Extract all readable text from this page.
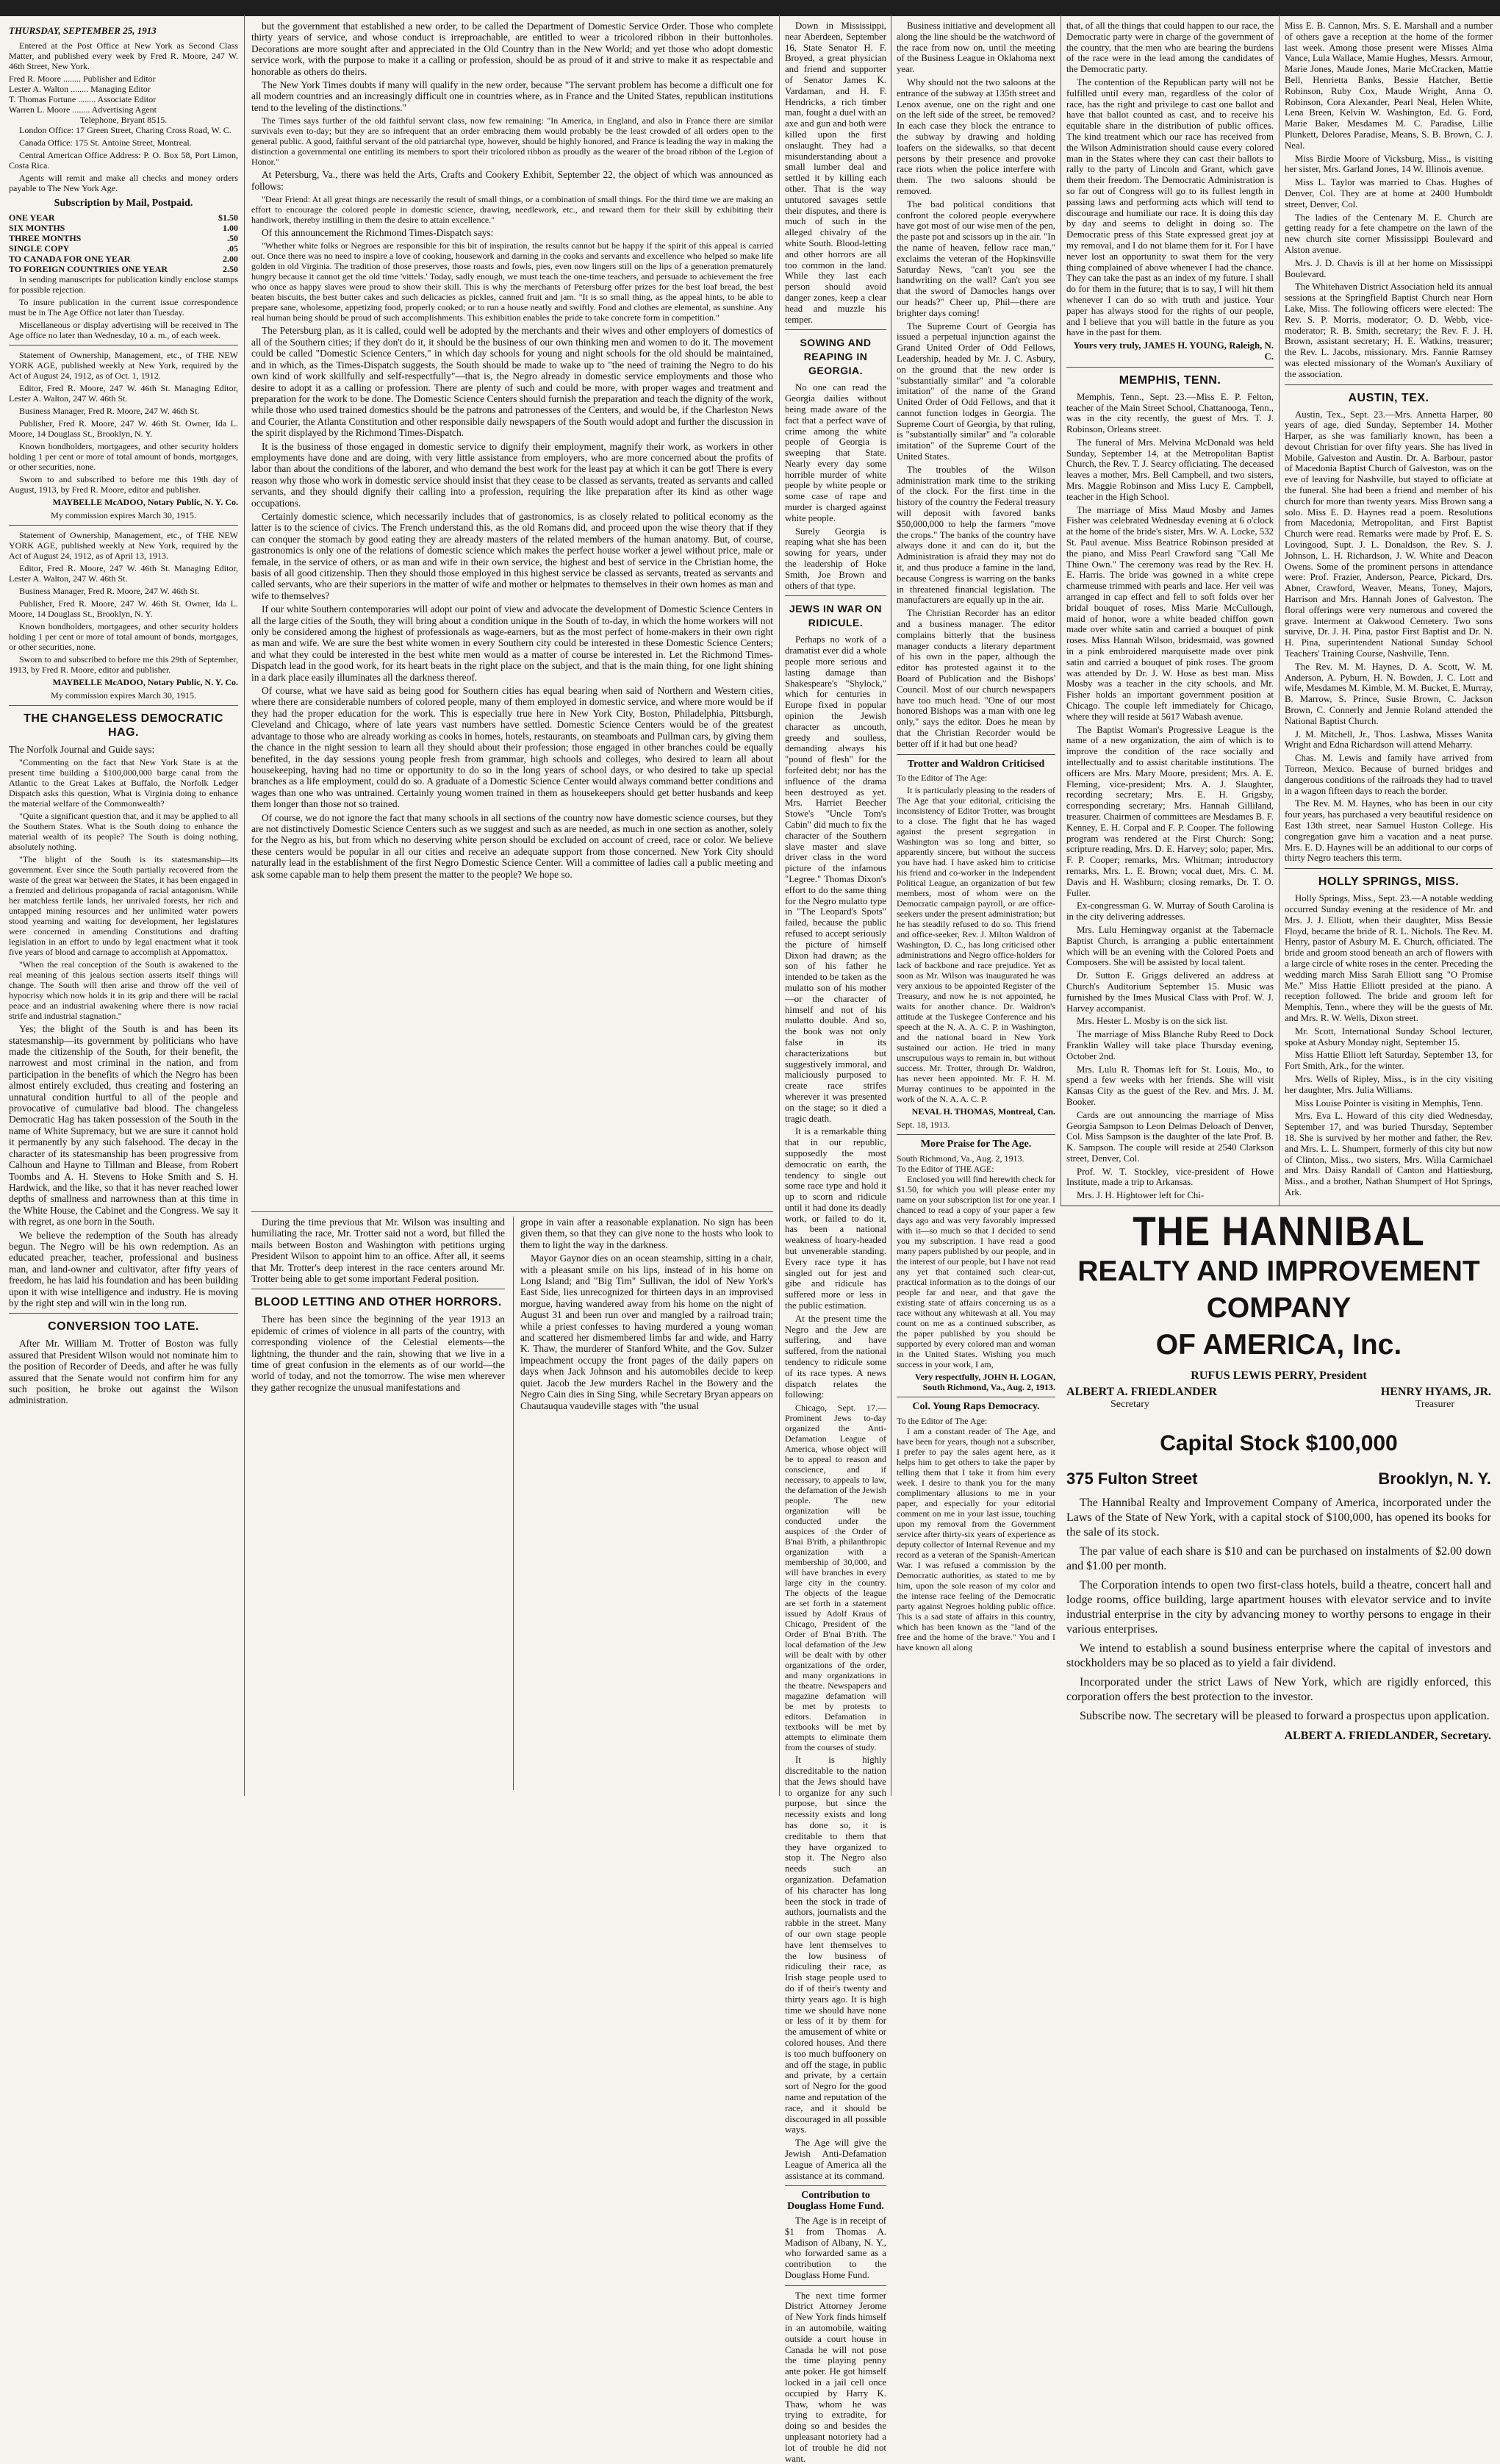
THURSDAY, SEPTEMBER 25, 1913

Entered at the Post Office at New York as Second Class Matter, and published every week by Fred R. Moore, 247 W. 46th Street, New York.

Fred R. Moore ........ Publisher and Editor
Lester A. Walton ........ Managing Editor
T. Thomas Fortune ........ Associate Editor
Warren L. Moore ........ Advertising Agent
Telephone, Bryant 8515.

London Office: 17 Green Street, Charing Cross Road, W. C.

Canada Office: 175 St. Antoine Street, Montreal.

Central American Office Address: P. O. Box 58, Port Limon, Costa Rica.

Agents will remit and make all checks and money orders payable to The New York Age.

Subscription by Mail, Postpaid.
ONE YEAR	$1.50
SIX MONTHS	1.00
THREE MONTHS	.50
SINGLE COPY	.05
TO CANADA FOR ONE YEAR	2.00
TO FOREIGN COUNTRIES ONE YEAR	2.50

In sending manuscripts for publication kindly enclose stamps for possible rejection.

To insure publication in the current issue correspondence must be in The Age Office not later than Tuesday.

Miscellaneous or display advertising will be received in The Age office no later than Wednesday, 10 a. m., of each week.

Statement of Ownership, Management, etc., of THE NEW YORK AGE, published weekly at New York, required by the Act of August 24, 1912, as of Oct. 1, 1912.

Editor, Fred R. Moore, 247 W. 46th St. Managing Editor, Lester A. Walton, 247 W. 46th St.

Business Manager, Fred R. Moore, 247 W. 46th St.

Publisher, Fred R. Moore, 247 W. 46th St. Owner, Ida L. Moore, 14 Douglass St., Brooklyn, N. Y.

Known bondholders, mortgagees, and other security holders holding 1 per cent or more of total amount of bonds, mortgages, or other securities, none.

Sworn to and subscribed to before me this 19th day of August, 1913, by Fred R. Moore, editor and publisher.

MAYBELLE McADOO, Notary Public, N. Y. Co.
My commission expires March 30, 1915.

Statement of Ownership, Management, etc., of THE NEW YORK AGE, published weekly at New York, required by the Act of August 24, 1912, as of April 13, 1913.

Editor, Fred R. Moore, 247 W. 46th St. Managing Editor, Lester A. Walton, 247 W. 46th St.

Business Manager, Fred R. Moore, 247 W. 46th St.

Publisher, Fred R. Moore, 247 W. 46th St. Owner, Ida L. Moore, 14 Douglass St., Brooklyn, N. Y.

Known bondholders, mortgagees, and other security holders holding 1 per cent or more of total amount of bonds, mortgages, or other securities, none.

Sworn to and subscribed to before me this 29th of September, 1913, by Fred R. Moore, editor and publisher.

MAYBELLE McADOO, Notary Public, N. Y. Co.
My commission expires March 30, 1915.
THE CHANGELESS DEMOCRATIC HAG.

The Norfolk Journal and Guide says:

"Commenting on the fact that New York State is at the present time building a $100,000,000 barge canal from the Atlantic to the Great Lakes at Buffalo, the Norfolk Ledger Dispatch asks this question, What is Virginia doing to enhance the material welfare of the Commonwealth?

"Quite a significant question that, and it may be applied to all the Southern States. What is the South doing to enhance the material wealth of its people? The South is doing nothing, absolutely nothing.

"The blight of the South is its statesmanship—its government. Ever since the South partially recovered from the waste of the great war between the States, it has been engaged in a frenzied and delirious propaganda of racial antagonism. While her matchless fertile lands, her unrivaled forests, her rich and untapped mining resources and her unlimited water powers stood yearning and waiting for development, her legislatures were concerned in amending Constitutions and drafting legislation in an effort to undo by legal enactment what it took five years of blood and carnage to accomplish at Appomattox.

"When the real conception of the South is awakened to the real meaning of this jealous section asserts itself things will change. The South will then arise and throw off the veil of hypocrisy which now holds it in its grip and there will be racial peace and an industrial awakening where there is now racial strife and industrial stagnation."

Yes; the blight of the South is and has been its statesmanship—its government by politicians who have made the citizenship of the South, for their benefit, the narrowest and most criminal in the nation, and from participation in the benefits of which the Negro has been almost entirely excluded, thus creating and fostering an unnatural condition hurtful to all of the people and provocative of cumulative bad blood. The changeless Democratic Hag has taken possession of the South in the name of White Supremacy, but we are sure it cannot hold it permanently by any such falsehood. The decay in the character of its statesmanship has been progressive from Calhoun and Hayne to Tillman and Blease, from Robert Toombs and A. H. Stevens to Hoke Smith and S. H. Hardwick, and the like, so that it has never reached lower depths of smallness and narrowness than at this time in the White House, the Cabinet and the Congress. We say it with regret, as one born in the South.

We believe the redemption of the South has already begun. The Negro will be his own redemption. As an educated preacher, teacher, professional and business man, and land-owner and cultivator, after fifty years of freedom, he has laid his foundation and has been building upon it with wise intelligence and industry. He is moving by the right step and will win in the long run.

CONVERSION TOO LATE.

After Mr. William M. Trotter of Boston was fully assured that President Wilson would not nominate him to the position of Recorder of Deeds, and after he was fully assured that the Senate would not confirm him for any such position, he broke out against the Wilson administration.

but the government that established a new order, to be called the Department of Domestic Service Order. Those who complete thirty years of service, and whose conduct is irreproachable, are entitled to wear a tricolored ribbon in their buttonholes. Decorations are more sought after and appreciated in the Old Country than in the New World; and yet those who adopt domestic service work, with the purpose to make it a calling or profession, should be as proud of it and strive to make it as respectable and honorable as others do theirs.

The New York Times doubts if many will qualify in the new order, because "The servant problem has become a difficult one for all modern countries and an increasingly difficult one in countries where, as in France and the United States, republican institutions tend to the leveling of the distinctions."

The Times says further of the old faithful servant class, now few remaining: "In America, in England, and also in France there are similar survivals even to-day; but they are so infrequent that an order embracing them would probably be the least crowded of all orders open to the general public. A good, faithful servant of the old patriarchal type, however, should be highly honored, and France is leading the way in making the distinction a governmental one entitling its members to sport their tricolored ribbon as proudly as the wearer of the broad ribbon of the Legion of Honor."

At Petersburg, Va., there was held the Arts, Crafts and Cookery Exhibit, September 22, the object of which was announced as follows:

"Dear Friend: At all great things are necessarily the result of small things, or a combination of small things. For the third time we are making an effort to encourage the colored people in domestic science, drawing, needlework, etc., and reward them for their skill by exhibiting their handiwork, thereby instilling in them the desire to attain excellence."

Of this announcement the Richmond Times-Dispatch says:

"Whether white folks or Negroes are responsible for this bit of inspiration, the results cannot but be happy if the spirit of this appeal is carried out. Once there was no need to inspire a love of cooking, housework and darning in the cooks and servants and excellence who helped so make life golden in old Virginia. The tradition of those preserves, those roasts and fowls, pies, even now lingers still on the lips of a generation prematurely hungry because it cannot get the old time 'vittels.' Today, sadly enough, we must teach the one-time teachers, and persuade to achievement the free who once as happy slaves were proud to show their skill. This is why the merchants of Petersburg offer prizes for the best loaf bread, the best beaten biscuits, the best butter cakes and such delicacies as pickles, canned fruit and jam. "It is so small thing, as the appeal hints, to be able to prepare sane, wholesome, appetizing food, properly cooked; or to run a house neatly and swiftly. Food and clothes are elemental, as sunshine. Any real human being should be proud of such accomplishments. This exhibition enables the pride to take concrete form in competition."

The Petersburg plan, as it is called, could well be adopted by the merchants and their wives and other employers of domestics of all of the Southern cities; if they don't do it, it should be the business of our own thinking men and women to do it. The movement could be called "Domestic Science Centers," in which day schools for young and night schools for the old should be maintained, and in which, as the Times-Dispatch suggests, the South should be made to wake up to "the need of training the Negro to do his own kind of work skillfully and self-respectfully"—that is, the Negro already in domestic service employments and those who desire to adopt it as a calling or profession. There are plenty of such and could be more, with proper wages and treatment and preparation for the work to be done. The Domestic Science Centers should furnish the preparation and teach the dignity of the work, while those who used trained domestics should be the patrons and patronesses of the Centers, and would be, if the Charleston News and Courier, the Atlanta Constitution and other responsible daily newspapers of the South would adopt and further the discussion in the spirit displayed by the Richmond Times-Dispatch.

It is the business of those engaged in domestic service to dignify their employment, magnify their work, as workers in other employments have done and are doing, with very little assistance from employers, who are more concerned about the profits of labor than about the conditions of the laborer, and who demand the best work for the least pay at which it can be got! There is every reason why those who work in domestic service should insist that they cease to be classed as servants, treated as servants and called servants, and they should dignify their calling into a profession, requiring the like preparation after its kind as other wage occupations.

Certainly domestic science, which necessarily includes that of gastronomics, is as closely related to political economy as the latter is to the science of civics. The French understand this, as the old Romans did, and proceed upon the wise theory that if they can conquer the stomach by good eating they are already masters of the related members of the human anatomy. But, of course, gastronomics is only one of the relations of domestic science which makes the perfect house worker a jewel without price, male or female, in the service of others, or as man and wife in their own service, the highest and best of service in the Christian home, the basis of all good citizenship. Then they should those employed in this highest service be classed as servants, treated as servants and called servants, who are their superiors in the matter of wife and mother or helpmates to themselves in their own homes as man and wife to themselves?

If our white Southern contemporaries will adopt our point of view and advocate the development of Domestic Science Centers in all the large cities of the South, they will bring about a condition unique in the South of to-day, in which the home workers will not only be considered among the highest of professionals as wage-earners, but as the most perfect of home-makers in their own right as man and wife. We are sure the best white women in every Southern city could be interested in these Domestic Science Centers; and what they could be interested in the best white men would as a matter of course be interested in. Let the Richmond Times-Dispatch lead in the good work, for its heart beats in the right place on the subject, and that is the main thing, for one light shining in a dark place easily illuminates all the darkness thereof.

Of course, what we have said as being good for Southern cities has equal bearing when said of Northern and Western cities, where there are considerable numbers of colored people, many of them employed in domestic service, and where more would be if they had the proper education for the work. This is especially true here in New York City, Boston, Philadelphia, Pittsburgh, Cleveland and Chicago, where of late years vast numbers have settled. Domestic Science Centers would be of the greatest advantage to those who are already working as cooks in homes, hotels, restaurants, on steamboats and Pullman cars, by giving them the chance in the night session to learn all they should about their profession; those engaged in other branches could be equally benefited, in the day sessions young people fresh from grammar, high schools and colleges, who desired to learn all about housekeeping, having had no time or opportunity to do so in the long years of school days, or who desired to take up special branches as a life employment, could do so. A graduate of a Domestic Science Center would always command better conditions and wages than one who was untrained. Certainly young women trained in them as housekeepers should get better husbands and keep them longer than those not so trained.

Of course, we do not ignore the fact that many schools in all sections of the country now have domestic science courses, but they are not distinctively Domestic Science Centers such as we suggest and such as are needed, as much in one section as another, solely for the Negro as his, but from which no deserving white person should be excluded on account of creed, race or color. We believe these centers would be popular in all our cities and receive an adequate support from those concerned. New York City should naturally lead in the establishment of the first Negro Domestic Science Center. Will a committee of ladies call a public meeting and ask some capable man to help them present the matter to the people? We hope so.

During the time previous that Mr. Wilson was insulting and humiliating the race, Mr. Trotter said not a word, but filled the mails between Boston and Washington with petitions urging President Wilson to appoint him to an office. After all, it seems that Mr. Trotter's deep interest in the race centers around Mr. Trotter being able to get some important Federal position.

BLOOD LETTING AND OTHER HORRORS.

There has been since the beginning of the year 1913 an epidemic of crimes of violence in all parts of the country, with corresponding violence of the Celestial elements—the lightning, the thunder and the rain, showing that we live in a time of great confusion in the elements as of our world—the world of today, and not the tomorrow. The wise men wherever they gather recognize the unusual manifestations and

grope in vain after a reasonable explanation. No sign has been given them, so that they can give none to the hosts who look to them to light the way in the darkness.

Mayor Gaynor dies on an ocean steamship, sitting in a chair, with a pleasant smile on his lips, instead of in his home on Long Island; and "Big Tim" Sullivan, the idol of New York's East Side, lies unrecognized for thirteen days in an improvised morgue, having wandered away from his home on the night of August 31 and been run over and mangled by a railroad train; while a priest confesses to having murdered a young woman and scattered her dismembered limbs far and wide, and Harry K. Thaw, the murderer of Stanford White, and the Gov. Sulzer impeachment occupy the front pages of the daily papers on days when Jack Johnson and his automobiles decide to keep quiet. Jacob the Jew murders Rachel in the Bowery and the Negro Cain dies in Sing Sing, while Secretary Bryan appears on Chautauqua vaudeville stages with "the usual

Down in Mississippi, near Aberdeen, September 16, State Senator H. F. Broyed, a great physician and friend and supporter of Senator James K. Vardaman, and H. F. Hendricks, a rich timber man, fought a duel with an axe and gun and both were killed upon the first onslaught. They had a misunderstanding about a small lumber deal and settled it by killing each other. That is the way untutored savages settle their disputes, and there is much of such in the alleged chivalry of the white South. Blood-letting and other horrors are all too common in the land. While they last each person should avoid danger zones, keep a clear head and muzzle his temper.

SOWING AND REAPING IN GEORGIA.

No one can read the Georgia dailies without being made aware of the fact that a perfect wave of crime among the white people of Georgia is sweeping that State. Nearly every day some horrible murder of white people by white people or some case of rape and murder is charged against white people.

Surely Georgia is reaping what she has been sowing for years, under the leadership of Hoke Smith, Joe Brown and others of that type.

JEWS IN WAR ON RIDICULE.

Perhaps no work of a dramatist ever did a whole people more serious and lasting damage than Shakespeare's "Shylock," which for centuries in Europe fixed in popular opinion the Jewish character as uncouth, greedy and soulless, demanding always his "pound of flesh" for the forfeited debt; nor has the influence of the drama been destroyed as yet. Mrs. Harriet Beecher Stowe's "Uncle Tom's Cabin" did much to fix the character of the Southern slave master and slave driver class in the word picture of the infamous "Legree." Thomas Dixon's effort to do the same thing for the Negro mulatto type in "The Leopard's Spots" failed, because the public refused to accept seriously the picture of himself Dixon had drawn; as the son of his father he intended to be taken as the mulatto son of his mother—or the character of himself and not of his mulatto double. And so, the book was not only false in its characterizations but suggestively immoral, and maliciously purposed to create race strifes wherever it was presented on the stage; so it died a tragic death.

It is a remarkable thing that in our republic, supposedly the most democratic on earth, the tendency to single out some race type and hold it up to scorn and ridicule until it had done its deadly work, or failed to do it, has been a national weakness of hoary-headed but unvenerable standing. Every race type it has singled out for jest and gibe and ridicule has suffered more or less in the public estimation.

At the present time the Negro and the Jew are suffering, and have suffered, from the national tendency to ridicule some of its race types. A news dispatch relates the following:

Chicago, Sept. 17.—Prominent Jews to-day organized the Anti-Defamation League of America, whose object will be to appeal to reason and conscience, and if necessary, to appeals to law, the defamation of the Jewish people. The new organization will be conducted under the auspices of the Order of B'nai B'rith, a philanthropic organization with a membership of 30,000, and will have branches in every large city in the country. The objects of the league are set forth in a statement issued by Adolf Kraus of Chicago, President of the Order of B'nai B'rith. The local defamation of the Jew will be dealt with by other organizations of the order, and many organizations in the theatre. Newspapers and magazine defamation will be met by protests to editors. Defamation in textbooks will be met by attempts to eliminate them from the courses of study.

It is highly discreditable to the nation that the Jews should have to organize for any such purpose, but since the necessity exists and long has done so, it is creditable to them that they have organized to stop it. The Negro also needs such an organization. Defamation of his character has long been the stock in trade of authors, journalists and the rabble in the street. Many of our own stage people have lent themselves to the low business of ridiculing their race, as Irish stage people used to do if of their's twenty and thirty years ago. It is high time we should have none or less of it by them for the amusement of white or colored houses. And there is too much buffoonery on and off the stage, in public and private, by a certain sort of Negro for the good name and reputation of the race, and it should be discouraged in all possible ways.

The Age will give the Jewish Anti-Defamation League of America all the assistance at its command.

Contribution to Douglass Home Fund.

The Age is in receipt of $1 from Thomas A. Madison of Albany, N. Y., who forwarded same as a contribution to the Douglass Home Fund.

The next time former District Attorney Jerome of New York finds himself in an automobile, waiting outside a court house in Canada he will not pose the time playing penny ante poker. He got himself locked in a jail cell once occupied by Harry K. Thaw, whom he was trying to extradite, for doing so and besides the unpleasant notoriety had a lot of trouble he did not want.

Business initiative and development all along the line should be the watchword of the race from now on, until the meeting of the Business League in Oklahoma next year.

Why should not the two saloons at the entrance of the subway at 135th street and Lenox avenue, one on the right and one on the left side of the street, be removed? In each case they block the entrance to the subway by drawing and holding loafers on the sidewalks, so that decent persons by their presence and provoke race riots when the police interfere with them. The two saloons should be removed.

The bad political conditions that confront the colored people everywhere have got most of our wise men of the pen, the paste pot and scissors up in the air. "In the name of heaven, fellow race man," exclaims the veteran of the Hopkinsville Saturday News, "can't you see the handwriting on the wall? Can't you see that the sword of Damocles hangs over our heads?" Cheer up, Phil—there are brighter days coming!

The Supreme Court of Georgia has issued a perpetual injunction against the Grand United Order of Odd Fellows, Leadership, headed by Mr. J. C. Asbury, on the ground that the new order is "substantially similar" and "a colorable imitation" of the name of the Grand United Order of Odd Fellows, and that it cannot function lodges in Georgia. The Supreme Court of Georgia, by that ruling, is "substantially similar" and "a colorable imitation" of the Supreme Court of the United States.

The troubles of the Wilson administration mark time to the striking of the clock. For the first time in the history of the country the Federal treasury will deposit with favored banks $50,000,000 to help the farmers "move the crops." The banks of the country have always done it and can do it, but the Administration is afraid they may not do it, and thus produce a famine in the land, because Congress is warring on the banks in threatened financial legislation. The manufacturers are equally up in the air.

The Christian Recorder has an editor and a business manager. The editor complains bitterly that the business manager conducts a literary department of his own in the paper, although the editor has protested against it to the Board of Publication and the Bishops' Council. Most of our church newspapers have too much head. "One of our most honored Bishops was a man with one leg only," says the editor. Does he mean by that the Christian Recorder would be better off if it had but one head?

Trotter and Waldron Criticised

To the Editor of The Age:

It is particularly pleasing to the readers of The Age that your editorial, criticising the inconsistency of Editor Trotter, was brought to a close. The fight that he has waged against the present segregation in Washington was so long and bitter, so apparently sincere, but without the success you have had. I have asked him to criticise his friend and co-worker in the Independent Political League, an organization of but few members, most of whom were on the Democratic campaign payroll, or are office-seekers under the present administration; but he has steadily refused to do so. This friend and office-seeker, Rev. J. Milton Waldron of Washington, D. C., has long criticised other administrations and Negro office-holders for lack of backbone and race prejudice. Yet as soon as Mr. Wilson was inaugurated he was very anxious to be appointed Register of the Treasury, and now he is not appointed, he waits for another chance. Dr. Waldron's attitude at the Tuskegee Conference and his speech at the N. A. A. C. P. in Washington, and the national board in New York sustained our action. He tried in many unscrupulous ways to remain in, but without success. Mr. Trotter, through Dr. Waldron, has never been appointed. Mr. F. H. M. Murray continues to be appointed in the work of the N. A. A. C. P.

NEVAL H. THOMAS, Montreal, Can.
Sept. 18, 1913.
More Praise for The Age.
South Richmond, Va., Aug. 2, 1913.
To the Editor of THE AGE:

Enclosed you will find herewith check for $1.50, for which you will please enter my name on your subscription list for one year. I chanced to read a copy of your paper a few days ago and was very favorably impressed with it—so much so that I decided to send you my subscription. I have read a good many papers published by our people, and in the interest of our people, but I have not read any yet that contained such clear-cut, practical information as to the doings of our people far and near, and that gave the existing state of affairs concerning us as a race without any whitewash at all. You may count on me as a continued subscriber, as the paper published by you should be supported by every colored man and woman in the United States. Wishing you much success in your work, I am,

Very respectfully, JOHN H. LOGAN, South Richmond, Va., Aug. 2, 1913.
Col. Young Raps Democracy.
To the Editor of The Age:

I am a constant reader of The Age, and have been for years, though not a subscriber, I prefer to pay the sales agent here, as it helps him to get others to take the paper by telling them that I take it from him every week. I desire to thank you for the many complimentary allusions to me in your paper, and especially for your editorial comment on me in your last issue, touching upon my removal from the Government service after thirty-six years of experience as deputy collector of Internal Revenue and my record as a veteran of the Spanish-American War. I was refused a commission by the Democratic authorities, as stated to me by him, upon the sole reason of my color and the intense race feeling of the Democratic party against Negroes holding public office. This is a sad state of affairs in this country, which has been known as the "land of the free and the home of the brave." You and I have known all along

that, of all the things that could happen to our race, the Democratic party were in charge of the government of the country, that the men who are bearing the burdens of the race were in the lead among the candidates of the Democratic party.

The contention of the Republican party will not be fulfilled until every man, regardless of the color of race, has the right and privilege to cast one ballot and have that ballot counted as cast, and to receive his equitable share in the distribution of public offices. The kind treatment which our race has received from the Wilson Administration should cause every colored man in the States where they can cast their ballots to rally to the party of Lincoln and Grant, which gave them their freedom. The Democratic Administration is so far out of Congress will go to its fullest length in passing laws and performing acts which will tend to discourage and humiliate our race. It is doing this day by day and seems to delight in doing so. The Democratic press of this State expressed great joy at my removal, and I do not blame them for it. For I have never lost an opportunity to swat them for the very thing complained of above whenever I had the chance. They can take the past as an index of my future. I shall do for them in the future; that is to say, I will hit them whenever I can do so with truth and justice. Your paper has always stood for the rights of our people, and I believe that you will battle in the future as you have in the past for them.

Yours very truly, JAMES H. YOUNG, Raleigh, N. C.
MEMPHIS, TENN.

Memphis, Tenn., Sept. 23.—Miss E. P. Felton, teacher of the Main Street School, Chattanooga, Tenn., was in the city recently, the guest of Mrs. T. J. Robinson, Orleans street.

The funeral of Mrs. Melvina McDonald was held Sunday, September 14, at the Metropolitan Baptist Church, the Rev. T. J. Searcy officiating. The deceased leaves a mother, Mrs. Bell Campbell, and two sisters, Mrs. Maggie Robinson and Miss Lucy E. Campbell, teacher in the High School.

The marriage of Miss Maud Mosby and James Fisher was celebrated Wednesday evening at 6 o'clock at the home of the bride's sister, Mrs. W. A. Locke, 532 St. Paul avenue. Miss Beatrice Robinson presided at the piano, and Miss Pearl Crawford sang "Call Me Thine Own." The ceremony was read by the Rev. H. E. Harris. The bride was gowned in a white crepe charmeuse trimmed with pearls and lace. Her veil was arranged in cap effect and fell to soft folds over her bridal bouquet of roses. Miss Marie McCullough, maid of honor, wore a white beaded chiffon gown made over white satin and carried a bouquet of pink roses. Miss Hannah Wilson, bridesmaid, was gowned in a pink embroidered marquisette made over pink satin and carried a bouquet of pink roses. The groom was attended by Dr. J. W. Hose as best man. Miss Mosby was a teacher in the city schools, and Mr. Fisher holds an important government position at Chicago. The couple left immediately for Chicago, where they will reside at 5617 Wabash avenue.

The Baptist Woman's Progressive League is the name of a new organization, the aim of which is to improve the condition of the race socially and intellectually and to assist charitable institutions. The officers are Mrs. Mary Moore, president; Mrs. A. E. Fleming, vice-president; Mrs. A. J. Slaughter, recording secretary; Mrs. E. H. Grigsby, corresponding secretary; Mrs. Hannah Gilliland, treasurer. Chairmen of committees are Mesdames B. F. Kenney, E. H. Corpal and F. P. Cooper. The following program was rendered at the First Church: Song; scripture reading, Mrs. D. E. Harvey; solo; paper, Mrs. F. P. Cooper; remarks, Mrs. Whitman; introductory remarks, Mrs. L. E. Brown; vocal duet, Mrs. C. M. Davis and H. Washburn; closing remarks, Dr. T. O. Fuller.

Ex-congressman G. W. Murray of South Carolina is in the city delivering addresses.

Mrs. Lulu Hemingway organist at the Tabernacle Baptist Church, is arranging a public entertainment which will be an evening with the Colored Poets and Composers. She will be assisted by local talent.

Dr. Sutton E. Griggs delivered an address at Church's Auditorium September 15. Music was furnished by the Imes Musical Class with Prof. W. J. Harvey accompanist.

Mrs. Hester L. Mosby is on the sick list.

The marriage of Miss Blanche Ruby Reed to Dock Franklin Walley will take place Thursday evening, October 2nd.

Mrs. Lulu R. Thomas left for St. Louis, Mo., to spend a few weeks with her friends. She will visit Kansas City as the guest of the Rev. and Mrs. J. M. Booker.

Cards are out announcing the marriage of Miss Georgia Sampson to Leon Delmas Deloach of Denver, Col. Miss Sampson is the daughter of the late Prof. B. K. Sampson. The couple will reside at 2540 Clarkson street, Denver, Col.

Prof. W. T. Stockley, vice-president of Howe Institute, made a trip to Arkansas.

Mrs. J. H. Hightower left for Chi-

Miss E. B. Cannon, Mrs. S. E. Marshall and a number of others gave a reception at the home of the former last week. Among those present were Misses Alma Vance, Lula Wallace, Mamie Hughes, Messrs. Armour, Marie Jones, Maude Jones, Marie McCracken, Mattie Bell, Henrietta Banks, Bessie Hatcher, Bettie Robinson, Ruby Cox, Maude Wright, Anna O. Robinson, Cora Alexander, Pearl Neal, Helen White, Lena Breen, Kelvin W. Washington, Ed. G. Ford, Marie Baker, Mesdames M. C. Paradise, Lillie Plunkett, Delores Paradise, Means, S. B. Brown, C. J. Neal.

Miss Birdie Moore of Vicksburg, Miss., is visiting her sister, Mrs. Garland Jones, 14 W. Illinois avenue.

Miss L. Taylor was married to Chas. Hughes of Denver, Col. They are at home at 2400 Humboldt street, Denver, Col.

The ladies of the Centenary M. E. Church are getting ready for a fete champetre on the lawn of the new church site corner Mississippi Boulevard and Alston avenue.

Mrs. J. D. Chavis is ill at her home on Mississippi Boulevard.

The Whitehaven District Association held its annual sessions at the Springfield Baptist Church near Horn Lake, Miss. The following officers were elected: The Rev. S. P. Morris, moderator; O. D. Webb, vice-moderator; R. B. Smith, secretary; the Rev. F. J. H. Brown, assistant secretary; H. E. Watkins, treasurer; the Rev. L. Jacobs, missionary. Mrs. Fannie Ramsey was elected missionary of the Woman's Auxiliary of the association.

AUSTIN, TEX.

Austin, Tex., Sept. 23.—Mrs. Annetta Harper, 80 years of age, died Sunday, September 14. Mother Harper, as she was familiarly known, has been a devout Christian for over fifty years. She has lived in Mobile, Galveston and Austin. Dr. A. Barbour, pastor of Macedonia Baptist Church of Galveston, was on the eve of leaving for Nashville, but stayed to officiate at the funeral. She had been a friend and member of his church for more than twenty years. Miss Brown sang a solo. Miss E. D. Haynes read a poem. Resolutions from Macedonia, Metropolitan, and First Baptist Church were read. Remarks were made by Prof. E. S. Lovingood, Supt. J. L. Donaldson, the Rev. S. J. Johnson, L. H. Richardson, J. W. White and Deacon Owens. Some of the prominent persons in attendance were: Prof. Frazier, Anderson, Pearce, Pickard, Drs. Abner, Crawford, Weaver, Means, Toney, Majors, Harrison and Mrs. Hannah Jones of Galveston. The floral offerings were very numerous and covered the grave. Interment at Oakwood Cemetery. Two sons survive, Dr. J. H. Pina, pastor First Baptist and Dr. N. H. Pina, superintendent National Sunday School Teachers' Training Course, Nashville, Tenn.

The Rev. M. M. Haynes, D. A. Scott, W. M. Anderson, A. Pyburn, H. N. Bowden, J. C. Lott and wife, Mesdames M. Kimble, M. M. Bucket, E. Murray, B. Marrow, S. Prince, Susie Brown, C. Jackson Brown, C. Connerly and Jennie Roland attended the National Baptist Church.

J. M. Mitchell, Jr., Thos. Lashwa, Misses Wanita Wright and Edna Richardson will attend Meharry.

Chas. M. Lewis and family have arrived from Torreon, Mexico. Because of burned bridges and dangerous conditions of the railroads they had to travel in a wagon fifteen days to reach the border.

The Rev. M. M. Haynes, who has been in our city four years, has purchased a very beautiful residence on East 13th street, near Samuel Huston College. His congregation gave him a vacation and a neat purse. Mrs. E. D. Haynes will be an additional to our corps of thirty Negro teachers this term.

HOLLY SPRINGS, MISS.

Holly Springs, Miss., Sept. 23.—A notable wedding occurred Sunday evening at the residence of Mr. and Mrs. J. J. Elliott, when their daughter, Miss Bessie Floyd, became the bride of R. L. Nichols. The Rev. M. Henry, pastor of Asbury M. E. Church, officiated. The bride and groom stood beneath an arch of flowers with a large circle of white roses in the center. Preceding the wedding march Miss Sarah Elliott sang "O Promise Me." Miss Hattie Elliott presided at the piano. A reception followed. The bride and groom left for Memphis, Tenn., where they will be the guests of Mr. and Mrs. R. W. Wells, Dixon street.

Mr. Scott, International Sunday School lecturer, spoke at Asbury Monday night, September 15.

Miss Hattie Elliott left Saturday, September 13, for Fort Smith, Ark., for the winter.

Mrs. Wells of Ripley, Miss., is in the city visiting her daughter, Mrs. Julia Williams.

Miss Louise Pointer is visiting in Memphis, Tenn.

Mrs. Eva L. Howard of this city died Wednesday, September 17, and was buried Thursday, September 18. She is survived by her mother and father, the Rev. and Mrs. L. L. Shumpert, formerly of this city but now of Clinton, Miss., two sisters, Mrs. Willa Carmichael and Mrs. Daisy Randall of Canton and Hattiesburg, Miss., and a brother, Nathan Shumpert of Hot Springs, Ark.

THE HANNIBAL
REALTY AND IMPROVEMENT COMPANY
OF AMERICA, Inc.
RUFUS LEWIS PERRY, President
ALBERT A. FRIEDLANDER	HENRY HYAMS, JR.
Secretary	Treasurer
Capital Stock $100,000
375 Fulton Street	Brooklyn, N. Y.

The Hannibal Realty and Improvement Company of America, incorporated under the Laws of the State of New York, with a capital stock of $100,000, has opened its books for the sale of its stock.

The par value of each share is $10 and can be purchased on instalments of $2.00 down and $1.00 per month.

The Corporation intends to open two first-class hotels, build a theatre, concert hall and lodge rooms, office building, large apartment houses with elevator service and to invite industrial enterprise in the city by advancing money to worthy persons to engage in their various enterprises.

We intend to establish a sound business enterprise where the capital of investors and stockholders may be so placed as to yield a fair dividend.

Incorporated under the strict Laws of New York, which are rigidly enforced, this corporation offers the best protection to the investor.

Subscribe now. The secretary will be pleased to forward a prospectus upon application.

ALBERT A. FRIEDLANDER, Secretary.
